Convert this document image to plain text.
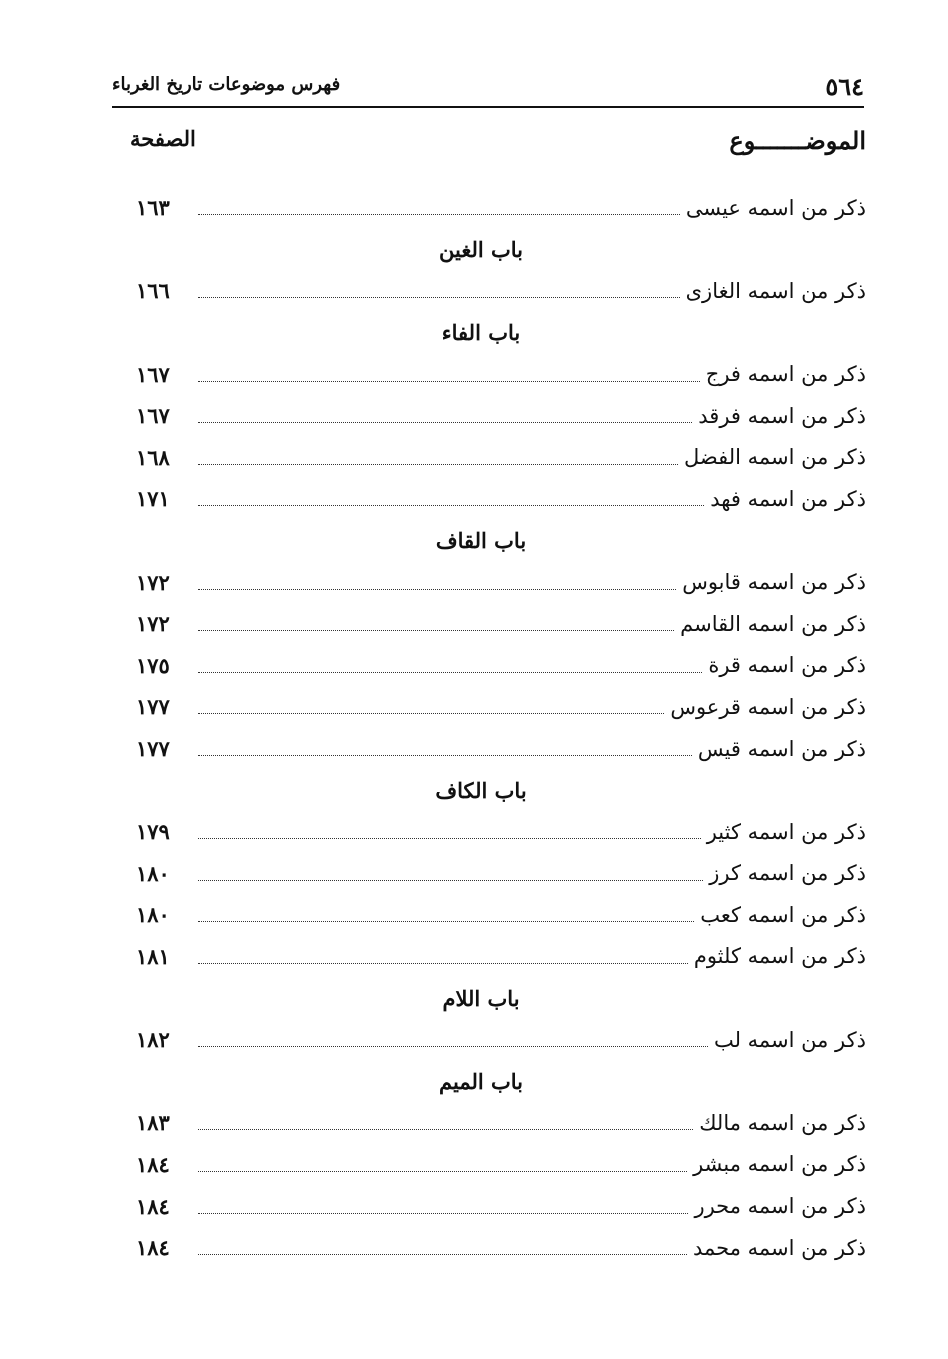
٥٦٤
فهرس موضوعات تاريخ الغرباء
الموضـــــــوع
الصفحة
ذكر من اسمه عيسى
١٦٣
باب الغين
ذكر من اسمه الغازى
١٦٦
باب الفاء
ذكر من اسمه فرج
١٦٧
ذكر من اسمه فرقد
١٦٧
ذكر من اسمه الفضل
١٦٨
ذكر من اسمه فهد
١٧١
باب القاف
ذكر من اسمه قابوس
١٧٢
ذكر من اسمه القاسم
١٧٢
ذكر من اسمه قرة
١٧٥
ذكر من اسمه قرعوس
١٧٧
ذكر من اسمه قيس
١٧٧
باب الكاف
ذكر من اسمه كثير
١٧٩
ذكر من اسمه كرز
١٨٠
ذكر من اسمه كعب
١٨٠
ذكر من اسمه كلثوم
١٨١
باب اللام
ذكر من اسمه لب
١٨٢
باب الميم
ذكر من اسمه مالك
١٨٣
ذكر من اسمه مبشر
١٨٤
ذكر من اسمه محرر
١٨٤
ذكر من اسمه محمد
١٨٤
